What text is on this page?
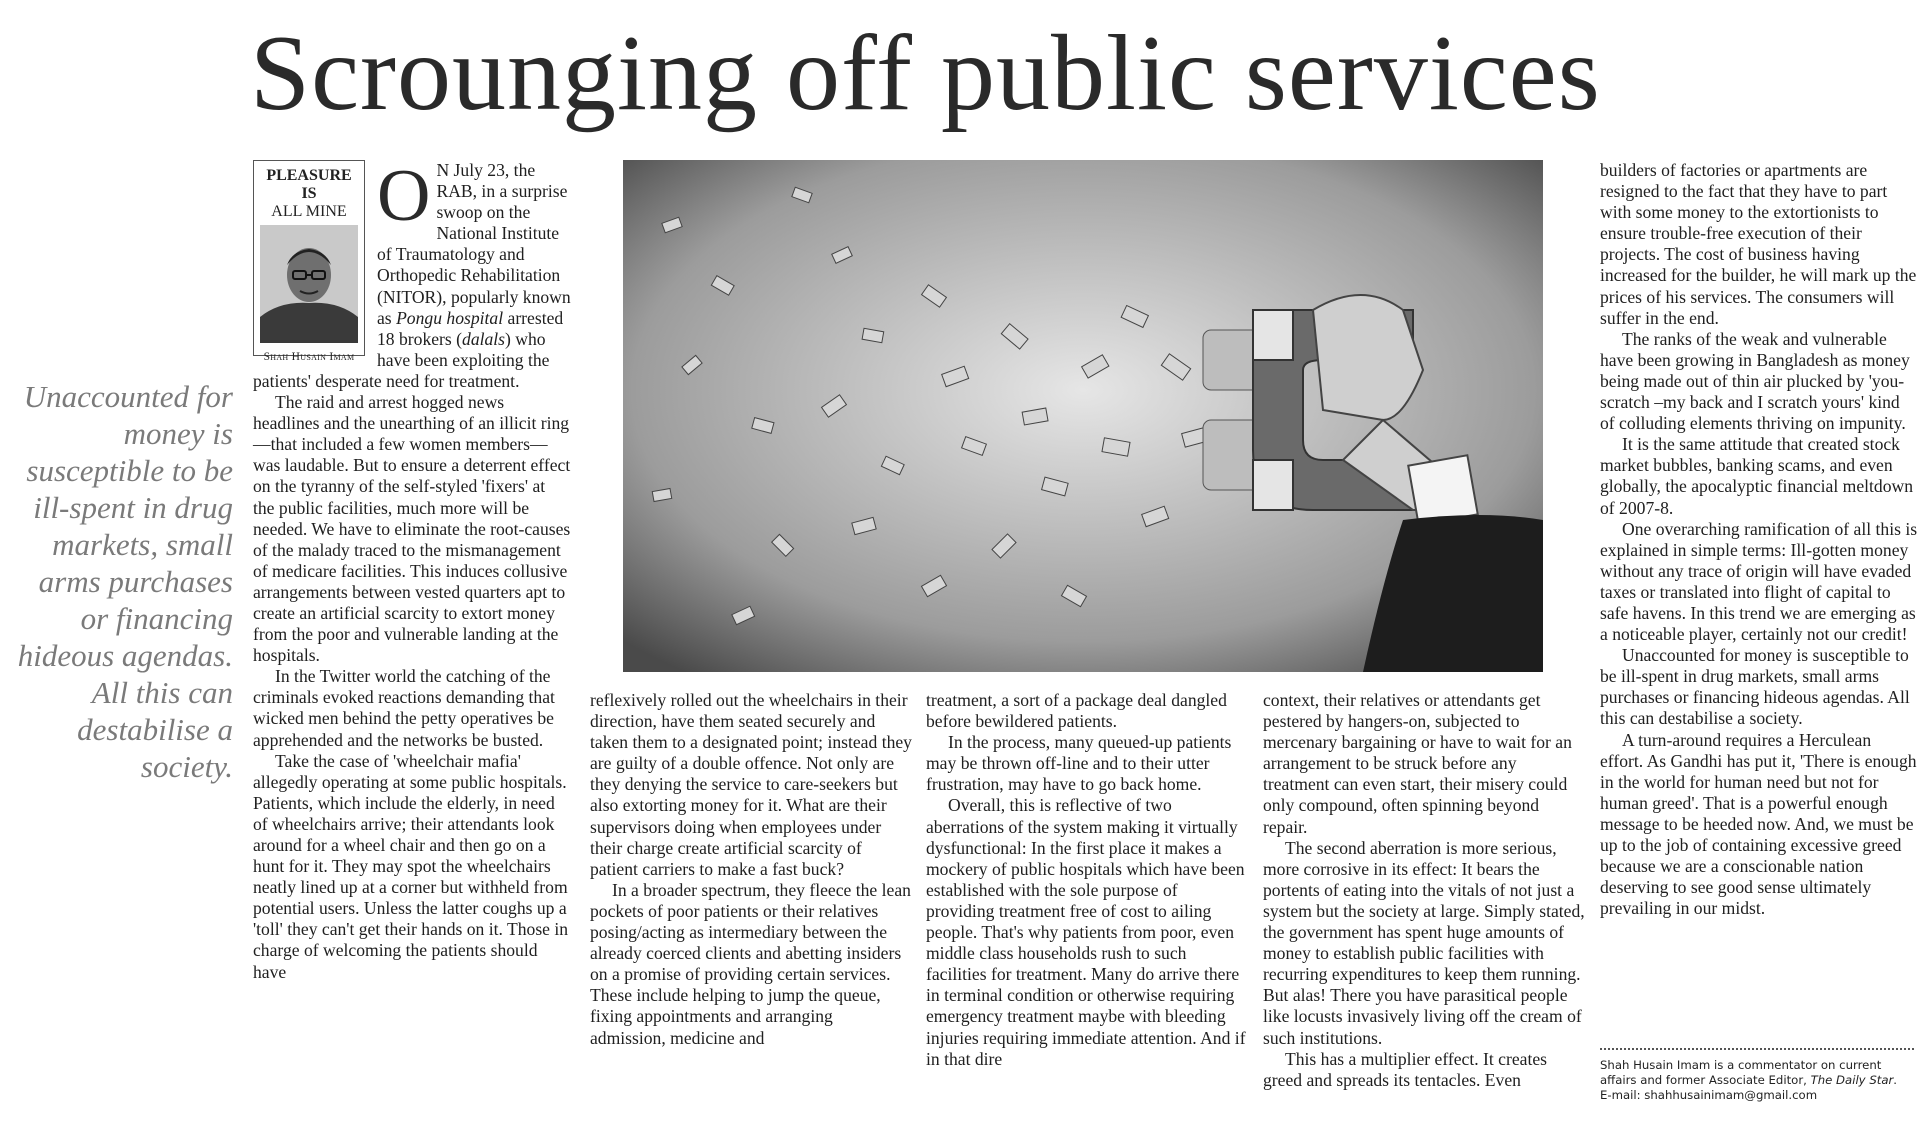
Scrounging off public services
Unaccounted for money is susceptible to be ill-spent in drug markets, small arms purchases or financing hideous agendas. All this can destabilise a society.
PLEASURE IS
ALL MINE
Shah Husain Imam

O N July 23, the RAB, in a surprise swoop on the National Institute of Traumatology and Orthopedic Rehabilitation (NITOR), popularly known as Pongu hospital arrested 18 brokers (dalals) who have been exploiting the patients' desperate need for treatment.

The raid and arrest hogged news headlines and the unearthing of an illicit ring—that included a few women members—was laudable. But to ensure a deterrent effect on the tyranny of the self-styled 'fixers' at the public facilities, much more will be needed. We have to eliminate the root-causes of the malady traced to the mismanagement of medicare facilities. This induces collusive arrangements between vested quarters apt to create an artificial scarcity to extort money from the poor and vulnerable landing at the hospitals.

In the Twitter world the catching of the criminals evoked reactions demanding that wicked men behind the petty operatives be apprehended and the networks be busted.

Take the case of 'wheelchair mafia' allegedly operating at some public hospitals. Patients, which include the elderly, in need of wheelchairs arrive; their attendants look around for a wheel chair and then go on a hunt for it. They may spot the wheelchairs neatly lined up at a corner but withheld from potential users. Unless the latter coughs up a 'toll' they can't get their hands on it. Those in charge of welcoming the patients should have

reflexively rolled out the wheelchairs in their direction, have them seated securely and taken them to a designated point; instead they are guilty of a double offence. Not only are they denying the service to care-seekers but also extorting money for it. What are their supervisors doing when employees under their charge create artificial scarcity of patient carriers to make a fast buck?

In a broader spectrum, they fleece the lean pockets of poor patients or their relatives posing/acting as intermediary between the already coerced clients and abetting insiders on a promise of providing certain services. These include helping to jump the queue, fixing appointments and arranging admission, medicine and

treatment, a sort of a package deal dangled before bewildered patients.

In the process, many queued-up patients may be thrown off-line and to their utter frustration, may have to go back home.

Overall, this is reflective of two aberrations of the system making it virtually dysfunctional: In the first place it makes a mockery of public hospitals which have been established with the sole purpose of providing treatment free of cost to ailing people. That's why patients from poor, even middle class households rush to such facilities for treatment. Many do arrive there in terminal condition or otherwise requiring emergency treatment maybe with bleeding injuries requiring immediate attention. And if in that dire

context, their relatives or attendants get pestered by hangers-on, subjected to mercenary bargaining or have to wait for an arrangement to be struck before any treatment can even start, their misery could only compound, often spinning beyond repair.

The second aberration is more serious, more corrosive in its effect: It bears the portents of eating into the vitals of not just a system but the society at large. Simply stated, the government has spent huge amounts of money to establish public facilities with recurring expenditures to keep them running. But alas! There you have parasitical people like locusts invasively living off the cream of such institutions.

This has a multiplier effect. It creates greed and spreads its tentacles. Even

builders of factories or apartments are resigned to the fact that they have to part with some money to the extortionists to ensure trouble-free execution of their projects. The cost of business having increased for the builder, he will mark up the prices of his services. The consumers will suffer in the end.

The ranks of the weak and vulnerable have been growing in Bangladesh as money being made out of thin air plucked by 'you-scratch –my back and I scratch yours' kind of colluding elements thriving on impunity.

It is the same attitude that created stock market bubbles, banking scams, and even globally, the apocalyptic financial meltdown of 2007-8.

One overarching ramification of all this is explained in simple terms: Ill-gotten money without any trace of origin will have evaded taxes or translated into flight of capital to safe havens. In this trend we are emerging as a noticeable player, certainly not our credit!

Unaccounted for money is susceptible to be ill-spent in drug markets, small arms purchases or financing hideous agendas. All this can destabilise a society.

A turn-around requires a Herculean effort. As Gandhi has put it, 'There is enough in the world for human need but not for human greed'. That is a powerful enough message to be heeded now. And, we must be up to the job of containing excessive greed because we are a conscionable nation deserving to see good sense ultimately prevailing in our midst.

Shah Husain Imam is a commentator on current affairs and former Associate Editor, The Daily Star.
E-mail: shahhusainimam@gmail.com
